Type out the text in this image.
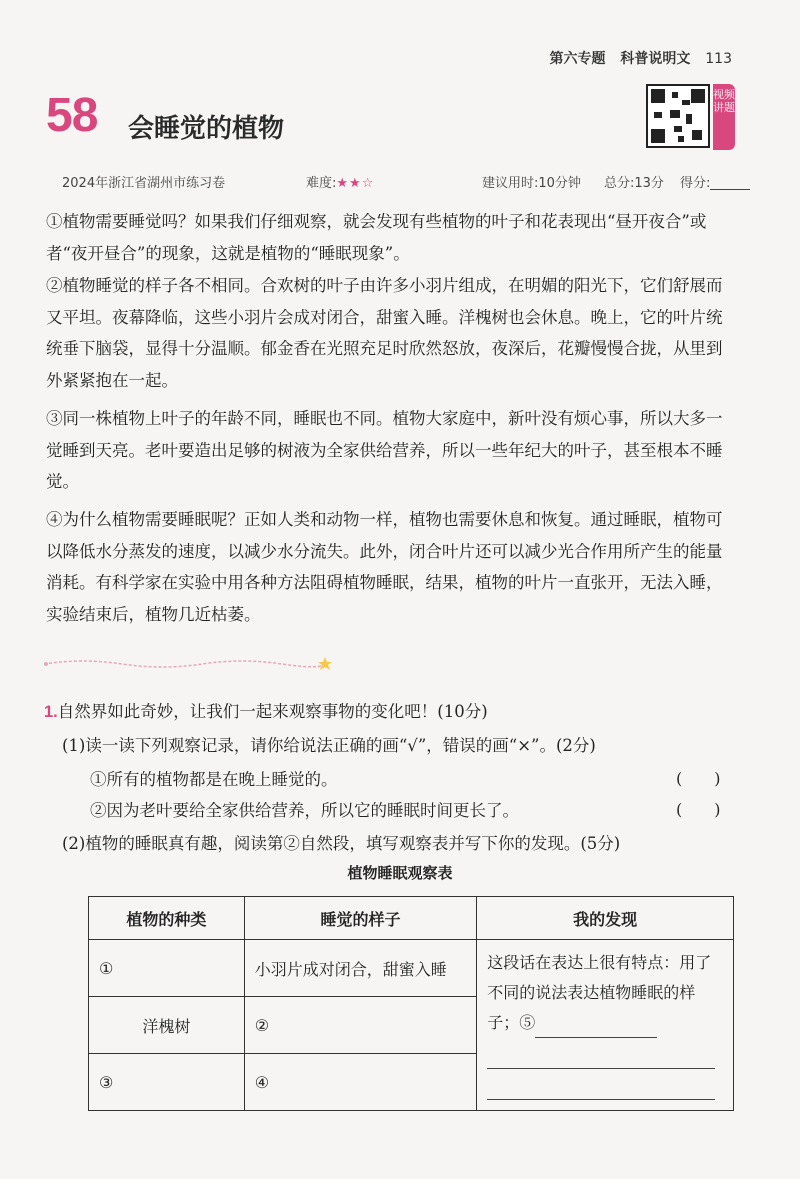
第六专题 科普说明文 113
58 会睡觉的植物
视频讲题
2024年浙江省湖州市练习卷	难度:★★☆	建议用时:10分钟 总分:13分 得分:
①植物需要睡觉吗？如果我们仔细观察，就会发现有些植物的叶子和花表现出“昼开夜合”或者“夜开昼合”的现象，这就是植物的“睡眠现象”。
②植物睡觉的样子各不相同。合欢树的叶子由许多小羽片组成，在明媚的阳光下，它们舒展而又平坦。夜幕降临，这些小羽片会成对闭合，甜蜜入睡。洋槐树也会休息。晚上，它的叶片统统垂下脑袋，显得十分温顺。郁金香在光照充足时欣然怒放，夜深后，花瓣慢慢合拢，从里到外紧紧抱在一起。
③同一株植物上叶子的年龄不同，睡眠也不同。植物大家庭中，新叶没有烦心事，所以大多一觉睡到天亮。老叶要造出足够的树液为全家供给营养，所以一些年纪大的叶子，甚至根本不睡觉。
④为什么植物需要睡眠呢？正如人类和动物一样，植物也需要休息和恢复。通过睡眠，植物可以降低水分蒸发的速度，以减少水分流失。此外，闭合叶片还可以减少光合作用所产生的能量消耗。有科学家在实验中用各种方法阻碍植物睡眠，结果，植物的叶片一直张开，无法入睡，实验结束后，植物几近枯萎。
1.自然界如此奇妙，让我们一起来观察事物的变化吧！(10分)
(1)读一读下列观察记录，请你给说法正确的画“√”，错误的画“×”。(2分)
①所有的植物都是在晚上睡觉的。	(　　)
②因为老叶要给全家供给营养，所以它的睡眠时间更长了。	(　　)
(2)植物的睡眠真有趣，阅读第②自然段，填写观察表并写下你的发现。(5分)
植物睡眠观察表
植物的种类	睡觉的样子	我的发现
①	小羽片成对闭合，甜蜜入睡	这段话在表达上很有特点：用了不同的说法表达植物睡眠的样子；⑤

洋槐树	②	
③	④	
